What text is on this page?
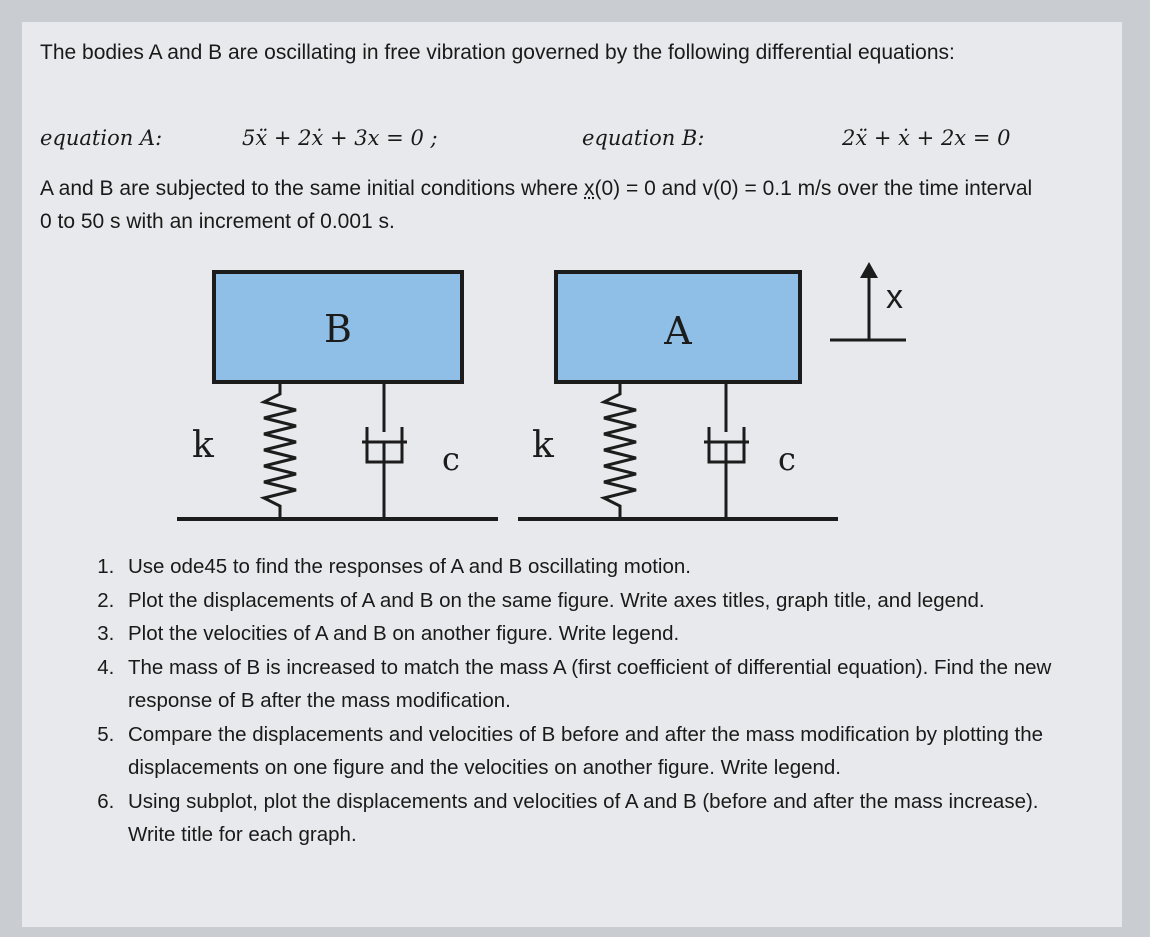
The bodies A and B are oscillating in free vibration governed by the following differential equations:
equation A:	5ẍ + 2ẋ + 3x = 0 ;	equation B:	2ẍ + ẋ + 2x = 0
A and B are subjected to the same initial conditions where x(0) = 0 and v(0) = 0.1 m/s over the time interval 0 to 50 s with an increment of 0.001 s.
B
k	c
A
k	c
x
1. Use ode45 to find the responses of A and B oscillating motion.
2. Plot the displacements of A and B on the same figure. Write axes titles, graph title, and legend.
3. Plot the velocities of A and B on another figure. Write legend.
4. The mass of B is increased to match the mass A (first coefficient of differential equation). Find the new response of B after the mass modification.
5. Compare the displacements and velocities of B before and after the mass modification by plotting the displacements on one figure and the velocities on another figure. Write legend.
6. Using subplot, plot the displacements and velocities of A and B (before and after the mass increase). Write title for each graph.
